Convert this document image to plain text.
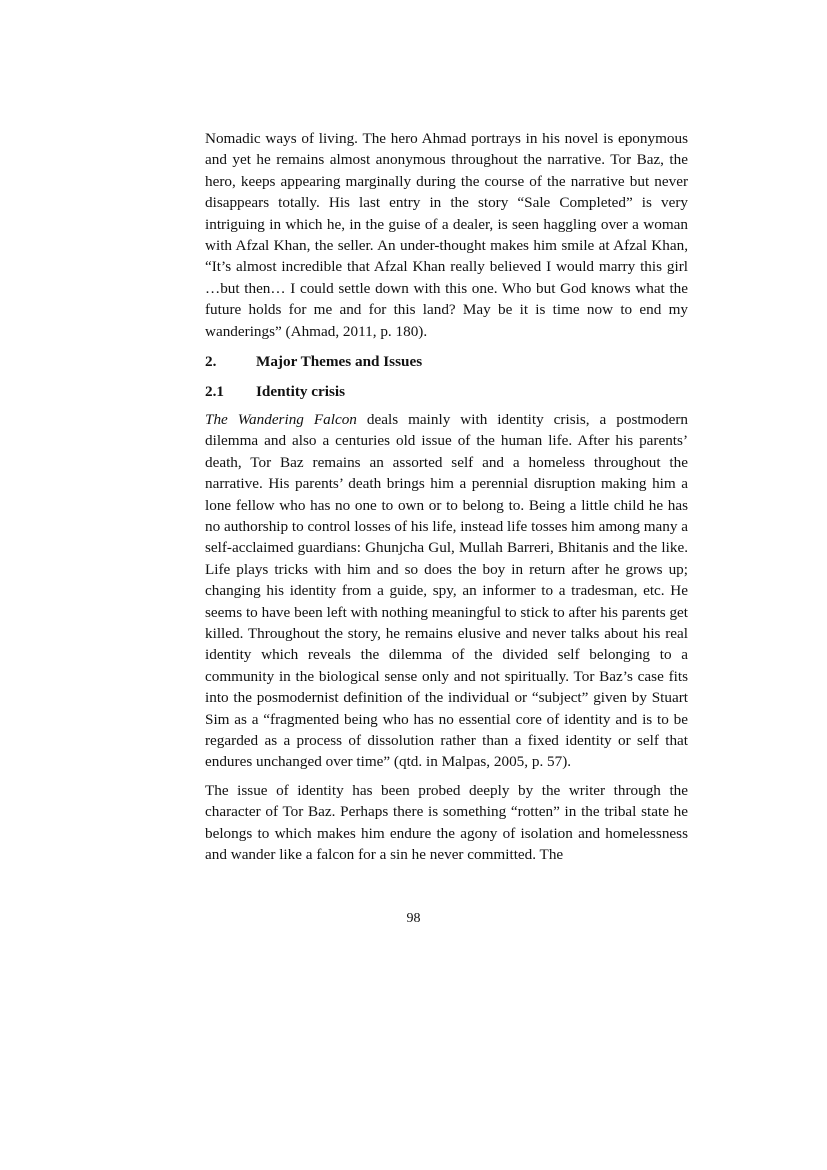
Nomadic ways of living. The hero Ahmad portrays in his novel is eponymous and yet he remains almost anonymous throughout the narrative. Tor Baz, the hero, keeps appearing marginally during the course of the narrative but never disappears totally. His last entry in the story “Sale Completed” is very intriguing in which he, in the guise of a dealer, is seen haggling over a woman with Afzal Khan, the seller. An under-thought makes him smile at Afzal Khan, “It’s almost incredible that Afzal Khan really believed I would marry this girl …but then… I could settle down with this one. Who but God knows what the future holds for me and for this land? May be it is time now to end my wanderings” (Ahmad, 2011, p. 180).

2.	Major Themes and Issues
2.1	Identity crisis

The Wandering Falcon deals mainly with identity crisis, a postmodern dilemma and also a centuries old issue of the human life. After his parents’ death, Tor Baz remains an assorted self and a homeless throughout the narrative. His parents’ death brings him a perennial disruption making him a lone fellow who has no one to own or to belong to. Being a little child he has no authorship to control losses of his life, instead life tosses him among many a self-acclaimed guardians: Ghunjcha Gul, Mullah Barreri, Bhitanis and the like. Life plays tricks with him and so does the boy in return after he grows up; changing his identity from a guide, spy, an informer to a tradesman, etc. He seems to have been left with nothing meaningful to stick to after his parents get killed. Throughout the story, he remains elusive and never talks about his real identity which reveals the dilemma of the divided self belonging to a community in the biological sense only and not spiritually. Tor Baz’s case fits into the posmodernist definition of the individual or “subject” given by Stuart Sim as a “fragmented being who has no essential core of identity and is to be regarded as a process of dissolution rather than a fixed identity or self that endures unchanged over time” (qtd. in Malpas, 2005, p. 57).

The issue of identity has been probed deeply by the writer through the character of Tor Baz. Perhaps there is something “rotten” in the tribal state he belongs to which makes him endure the agony of isolation and homelessness and wander like a falcon for a sin he never committed. The

98
